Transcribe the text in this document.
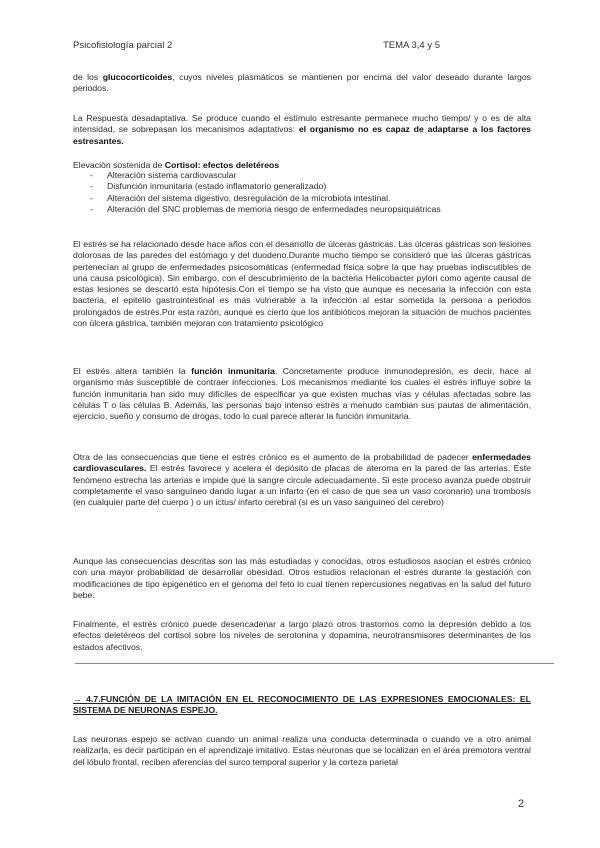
Psicofisiología parcial 2	TEMA 3,4 y 5

de los glucocorticoides, cuyos niveles plasmáticos se mantienen por encima del valor deseado durante largos periodos.

La Respuesta desadaptativa. Se produce cuando el estímulo estresante permanece mucho tiempo/ y o es de alta intensidad, se sobrepasan los mecanismos adaptativos: el organismo no es capaz de adaptarse a los factores estresantes.

Elevación sostenida de Cortisol: efectos deletéreos

- Alteración sistema cardiovascular
- Disfunción inmunitaria (estado inflamatorio generalizado)
- Alteración del sistema digestivo, desregulación de la microbiota intestinal.
- Alteración del SNC problemas de memoria riesgo de enfermedades neuropsiquiátricas

El estrés se ha relacionado desde hace años con el desarrollo de úlceras gástricas. Las úlceras gástricas son lesiones dolorosas de las paredes del estómago y del duodeno.Durante mucho tiempo se consideró que las úlceras gástricas pertenecían al grupo de enfermedades psicosomáticas (enfermedad física sobre la que hay pruebas indiscutibles de una causa psicológica). Sin embargo, con el descubrimiento de la bacteria Helicobacter pylori como agente causal de estas lesiones se descartó esta hipótesis.Con el tiempo se ha visto que aunque es necesaria la infección con esta bacteria, el epitelio gastrointestinal es más vulnerable a la infección al estar sometida la persona a periodos prolongados de estrés.Por esta razón, aunque es cierto que los antibióticos mejoran la situación de muchos pacientes con úlcera gástrica, también mejoran con tratamiento psicológico

El estrés altera también la función inmunitaria. Concretamente produce inmunodepresión, es decir, hace al organismo más susceptible de contraer infecciones. Los mecanismos mediante los cuales el estrés influye sobre la función inmunitaria han sido muy difíciles de especificar ya que existen muchas vías y células afectadas sobre las células T o las células B. Además, las personas bajo intenso estrés a menudo cambian sus pautas de alimentación, ejercicio, sueño y consumo de drogas, todo lo cual parece alterar la función inmunitaria.

Otra de las consecuencias que tiene el estrés crónico es el aumento de la probabilidad de padecer enfermedades cardiovasculares. El estrés favorece y acelera el depósito de placas de ateroma en la pared de las arterias. Este fenómeno estrecha las arterias e impide que la sangre circule adecuadamente. Si este proceso avanza puede obstruir completamente el vaso sanguíneo dando lugar a un infarto (en el caso de que sea un vaso coronario) una trombosis (en cualquier parte del cuerpo ) o un ictus/ infarto cerebral (si es un vaso sanguíneo del cerebro)

Aunque las consecuencias descritas son las más estudiadas y conocidas, otros estudiosos asocian el estrés crónico con una mayor probabilidad de desarrollar obesidad. Otros estudios relacionan el estrés durante la gestación con modificaciones de tipo epigenético en el genoma del feto lo cual tienen repercusiones negativas en la salud del futuro bebe.

Finalmente, el estrés crónico puede desencadenar a largo plazo otros trastornos como la depresión debido a los efectos deletéreos del cortisol sobre los niveles de serotonina y dopamina, neurotransmisores determinantes de los estados afectivos.

→ 4.7.FUNCIÓN DE LA IMITACIÓN EN EL RECONOCIMIENTO DE LAS EXPRESIONES EMOCIONALES: EL SISTEMA DE NEURONAS ESPEJO.

Las neuronas espejo se activan cuando un animal realiza una conducta determinada o cuando ve a otro animal realizarla, es decir participan en el aprendizaje imitativo. Estas neuronas que se localizan en el área premotora ventral del lóbulo frontal, reciben aferencias del surco temporal superior y la corteza parietal

2
